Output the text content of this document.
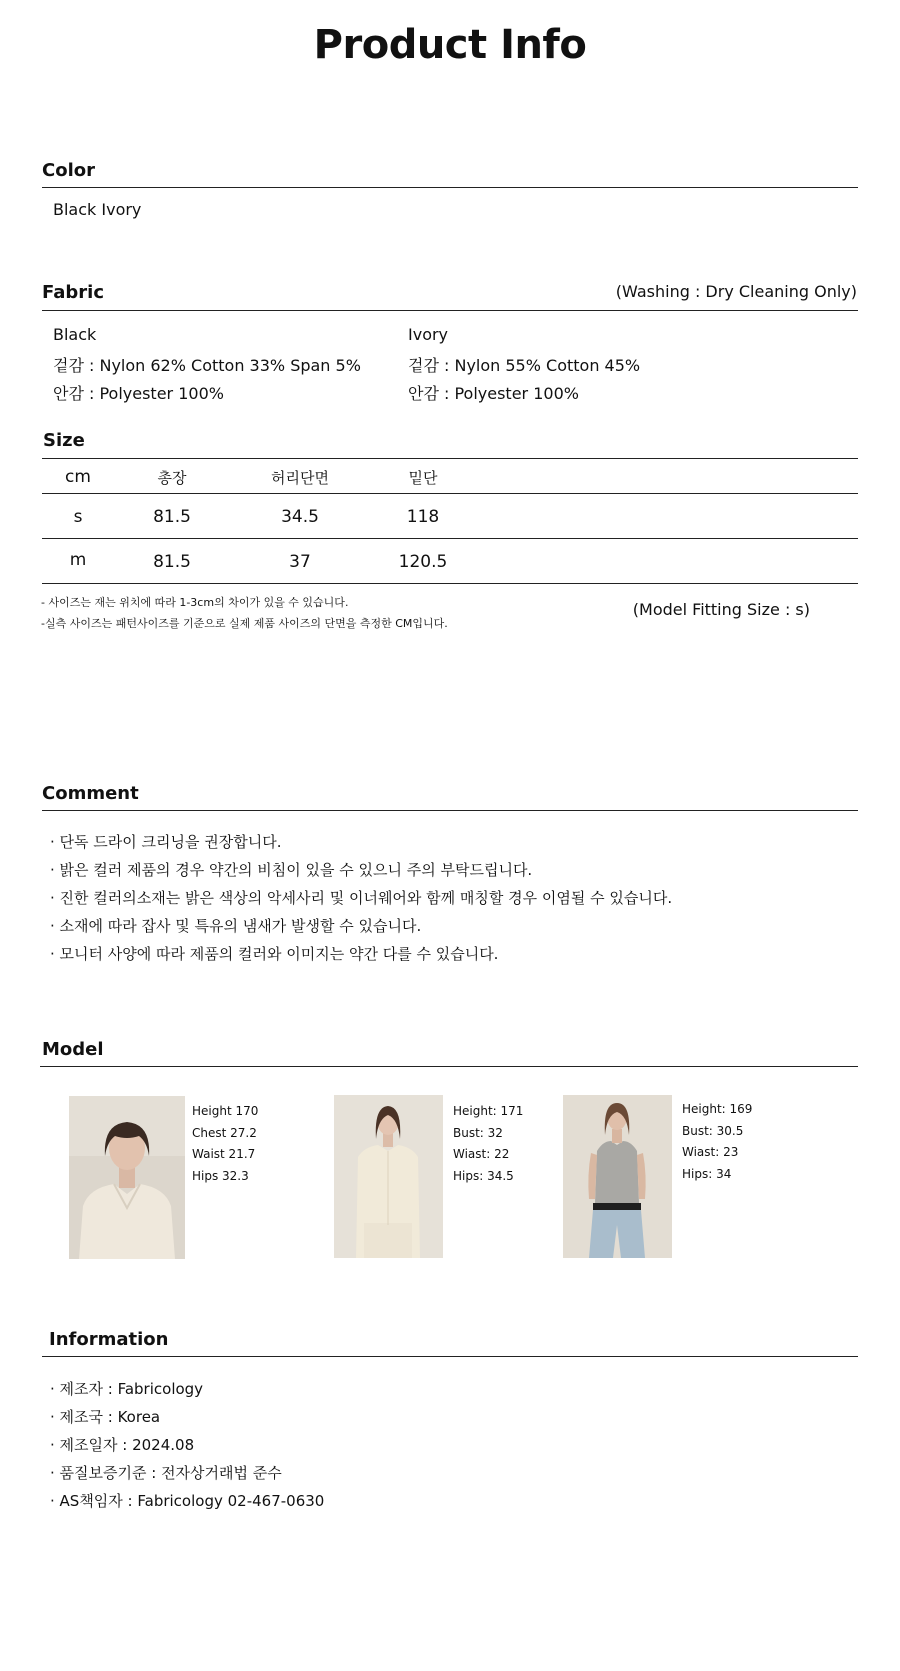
Product Info
Color
Black Ivory
Fabric	(Washing : Dry Cleaning Only)
Black
겉감 : Nylon 62% Cotton 33% Span 5%
안감 : Polyester 100%
Ivory
겉감 : Nylon 55% Cotton 45%
안감 : Polyester 100%
Size
cm	총장	허리단면	밑단
s	81.5	34.5	118
m	81.5	37	120.5
- 사이즈는 재는 위치에 따라 1-3cm의 차이가 있을 수 있습니다.
-실측 사이즈는 패턴사이즈를 기준으로 실제 제품 사이즈의 단면을 측정한 CM입니다.
(Model Fitting Size : s)
Comment
· 단독 드라이 크리닝을 권장합니다.
· 밝은 컬러 제품의 경우 약간의 비침이 있을 수 있으니 주의 부탁드립니다.
· 진한 컬러의소재는 밝은 색상의 악세사리 및 이너웨어와 함께 매칭할 경우 이염될 수 있습니다.
· 소재에 따라 잡사 및 특유의 냄새가 발생할 수 있습니다.
· 모니터 사양에 따라 제품의 컬러와 이미지는 약간 다를 수 있습니다.
Model
Height 170
Chest 27.2
Waist 21.7
Hips 32.3
Height: 171
Bust: 32
Wiast: 22
Hips: 34.5
Height: 169
Bust: 30.5
Wiast: 23
Hips: 34
Information
· 제조자 : Fabricology
· 제조국 : Korea
· 제조일자 : 2024.08
· 품질보증기준 : 전자상거래법 준수
· AS책임자 : Fabricology 02-467-0630
